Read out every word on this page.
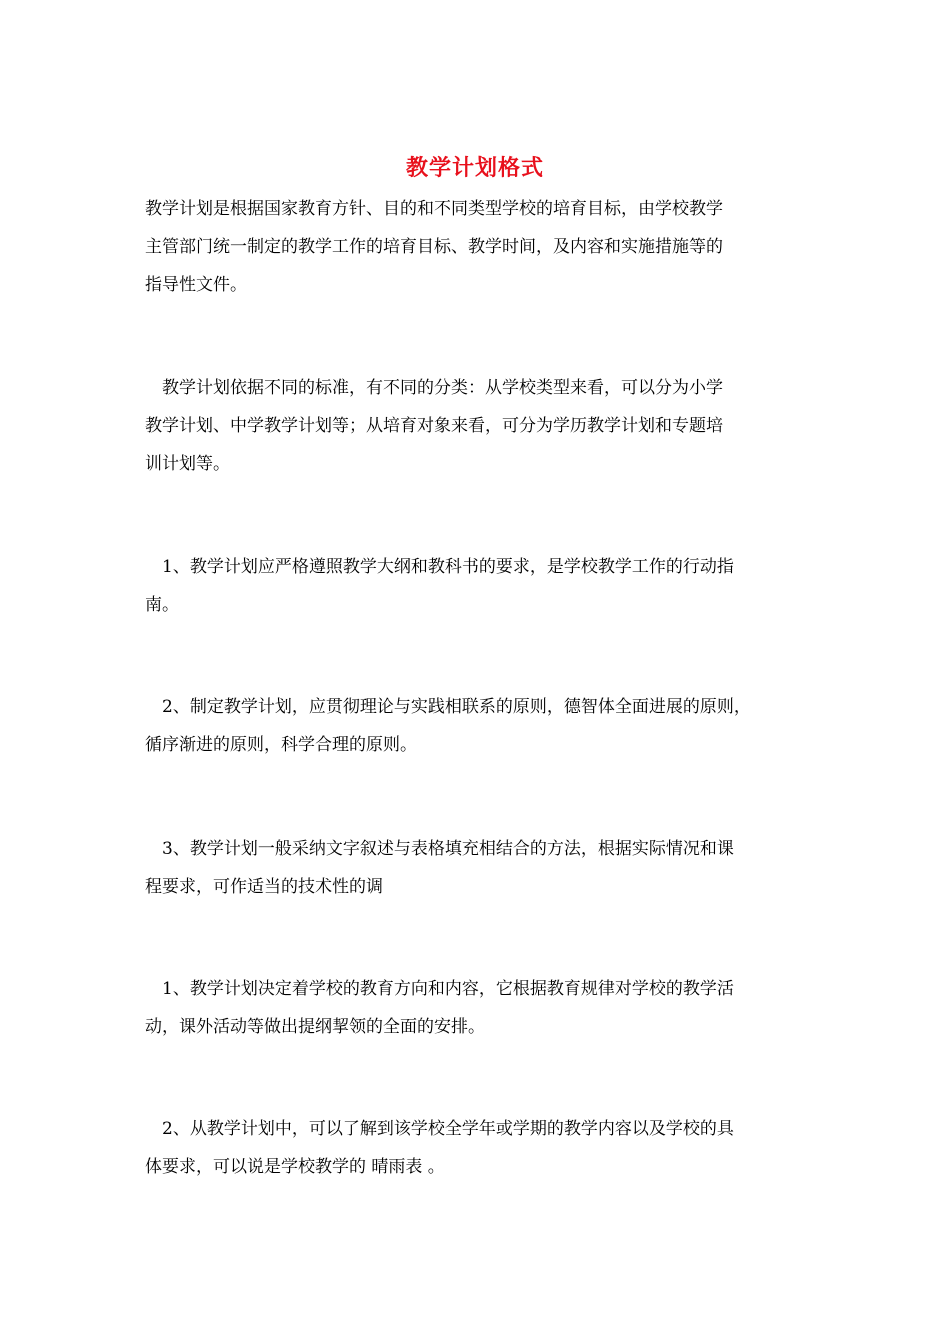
教学计划格式
教学计划是根据国家教育方针、目的和不同类型学校的培育目标，由学校教学
主管部门统一制定的教学工作的培育目标、教学时间，及内容和实施措施等的
指导性文件。
　教学计划依据不同的标准，有不同的分类：从学校类型来看，可以分为小学
教学计划、中学教学计划等；从培育对象来看，可分为学历教学计划和专题培
训计划等。
　1、教学计划应严格遵照教学大纲和教科书的要求，是学校教学工作的行动指
南。
　2、制定教学计划，应贯彻理论与实践相联系的原则，德智体全面进展的原则，
循序渐进的原则，科学合理的原则。
　3、教学计划一般采纳文字叙述与表格填充相结合的方法，根据实际情况和课
程要求，可作适当的技术性的调
　1、教学计划决定着学校的教育方向和内容，它根据教育规律对学校的教学活
动，课外活动等做出提纲挈领的全面的安排。
　2、从教学计划中，可以了解到该学校全学年或学期的教学内容以及学校的具
体要求，可以说是学校教学的 晴雨表 。
